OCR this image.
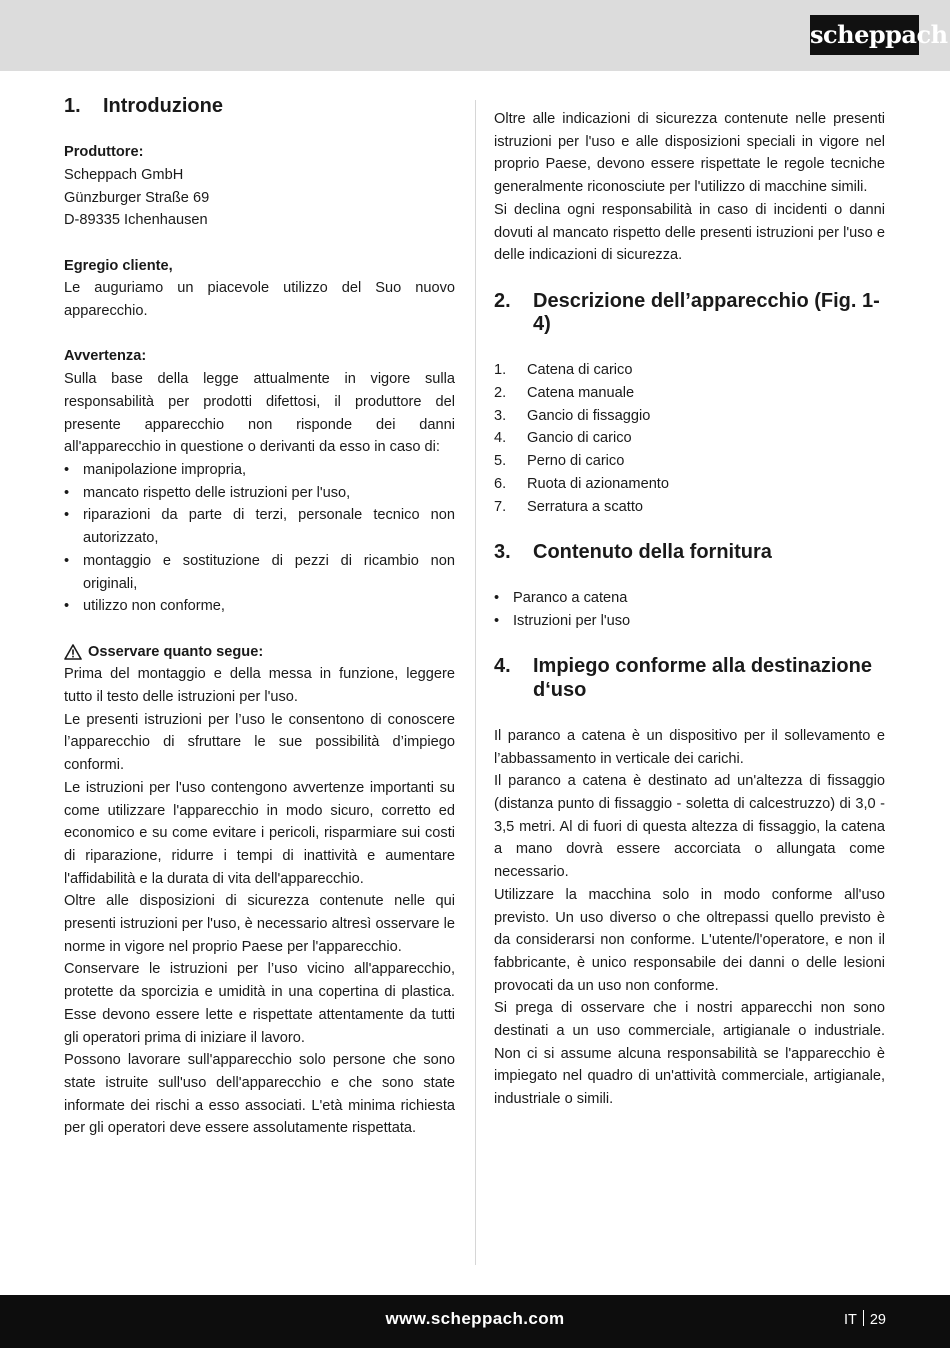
scheppach
1.	Introduzione

Produttore:

Scheppach GmbH

Günzburger Straße 69

D-89335 Ichenhausen

Egregio cliente,

Le auguriamo un piacevole utilizzo del Suo nuovo apparecchio.

Avvertenza:

Sulla base della legge attualmente in vigore sulla responsabilità per prodotti difettosi, il produttore del presente apparecchio non risponde dei danni all'apparecchio in questione o derivanti da esso in caso di:

• manipolazione impropria,
• mancato rispetto delle istruzioni per l'uso,
• riparazioni da parte di terzi, personale tecnico non autorizzato,
• montaggio e sostituzione di pezzi di ricambio non originali,
• utilizzo non conforme,
Osservare quanto segue:

Prima del montaggio e della messa in funzione, leggere tutto il testo delle istruzioni per l'uso.

Le presenti istruzioni per l’uso le consentono di conoscere l’apparecchio di sfruttare le sue possibilità d’impiego conformi.

Le istruzioni per l'uso contengono avvertenze importanti su come utilizzare l'apparecchio in modo sicuro, corretto ed economico e su come evitare i pericoli, risparmiare sui costi di riparazione, ridurre i tempi di inattività e aumentare l'affidabilità e la durata di vita dell'apparecchio.

Oltre alle disposizioni di sicurezza contenute nelle qui presenti istruzioni per l'uso, è necessario altresì osservare le norme in vigore nel proprio Paese per l'apparecchio.

Conservare le istruzioni per l’uso vicino all'apparecchio, protette da sporcizia e umidità in una copertina di plastica. Esse devono essere lette e rispettate attentamente da tutti gli operatori prima di iniziare il lavoro.

Possono lavorare sull'apparecchio solo persone che sono state istruite sull'uso dell'apparecchio e che sono state informate dei rischi a esso associati. L'età minima richiesta per gli operatori deve essere assolutamente rispettata.

Oltre alle indicazioni di sicurezza contenute nelle presenti istruzioni per l'uso e alle disposizioni speciali in vigore nel proprio Paese, devono essere rispettate le regole tecniche generalmente riconosciute per l'utilizzo di macchine simili.

Si declina ogni responsabilità in caso di incidenti o danni dovuti al mancato rispetto delle presenti istruzioni per l'uso e delle indicazioni di sicurezza.

2.	Descrizione dell’apparecchio (Fig. 1-4)
1.	Catena di carico
2.	Catena manuale
3.	Gancio di fissaggio
4.	Gancio di carico
5.	Perno di carico
6.	Ruota di azionamento
7.	Serratura a scatto
3.	Contenuto della fornitura
• Paranco a catena
• Istruzioni per l'uso
4.	Impiego conforme alla destinazione d‘uso

Il paranco a catena è un dispositivo per il sollevamento e l’abbassamento in verticale dei carichi.

Il paranco a catena è destinato ad un'altezza di fissaggio (distanza punto di fissaggio - soletta di calcestruzzo) di 3,0 - 3,5 metri. Al di fuori di questa altezza di fissaggio, la catena a mano dovrà essere accorciata o allungata come necessario.

Utilizzare la macchina solo in modo conforme all'uso previsto. Un uso diverso o che oltrepassi quello previsto è da considerarsi non conforme. L'utente/l'operatore, e non il fabbricante, è unico responsabile dei danni o delle lesioni provocati da un uso non conforme.

Si prega di osservare che i nostri apparecchi non sono destinati a un uso commerciale, artigianale o industriale. Non ci si assume alcuna responsabilità se l'apparecchio è impiegato nel quadro di un'attività commerciale, artigianale, industriale o simili.

www.scheppach.com	IT 29
